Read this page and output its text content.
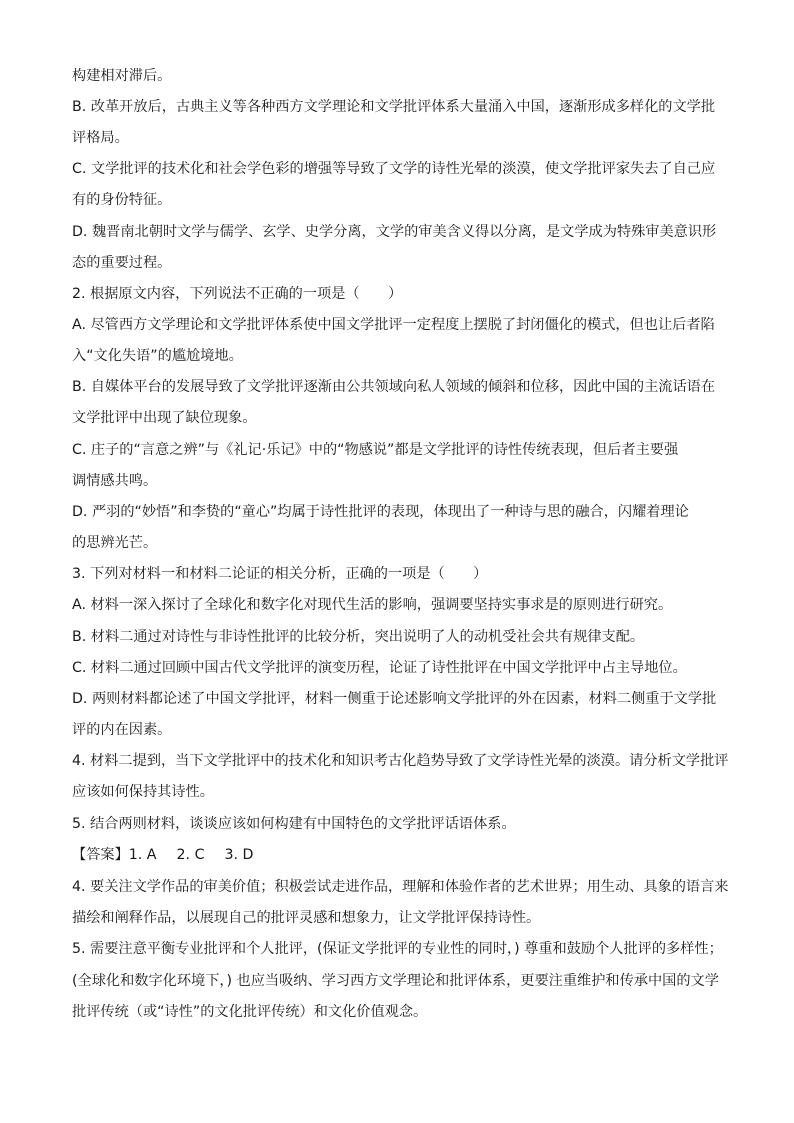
构建相对滞后。
B. 改革开放后，古典主义等各种西方文学理论和文学批评体系大量涌入中国，逐渐形成多样化的文学批
评格局。
C. 文学批评的技术化和社会学色彩的增强等导致了文学的诗性光晕的淡漠，使文学批评家失去了自己应
有的身份特征。
D. 魏晋南北朝时文学与儒学、玄学、史学分离，文学的审美含义得以分离，是文学成为特殊审美意识形
态的重要过程。
2. 根据原文内容，下列说法不正确的一项是（　　）
A. 尽管西方文学理论和文学批评体系使中国文学批评一定程度上摆脱了封闭僵化的模式，但也让后者陷
入“文化失语”的尴尬境地。
B. 自媒体平台的发展导致了文学批评逐渐由公共领域向私人领域的倾斜和位移，因此中国的主流话语在
文学批评中出现了缺位现象。
C. 庄子的“言意之辨”与《礼记·乐记》中的“物感说”都是文学批评的诗性传统表现，但后者主要强
调情感共鸣。
D. 严羽的“妙悟”和李贽的“童心”均属于诗性批评的表现，体现出了一种诗与思的融合，闪耀着理论
的思辨光芒。
3. 下列对材料一和材料二论证的相关分析，正确的一项是（　　）
A. 材料一深入探讨了全球化和数字化对现代生活的影响，强调要坚持实事求是的原则进行研究。
B. 材料二通过对诗性与非诗性批评的比较分析，突出说明了人的动机受社会共有规律支配。
C. 材料二通过回顾中国古代文学批评的演变历程，论证了诗性批评在中国文学批评中占主导地位。
D. 两则材料都论述了中国文学批评，材料一侧重于论述影响文学批评的外在因素，材料二侧重于文学批
评的内在因素。
4. 材料二提到，当下文学批评中的技术化和知识考古化趋势导致了文学诗性光晕的淡漠。请分析文学批评
应该如何保持其诗性。
5. 结合两则材料，谈谈应该如何构建有中国特色的文学批评话语体系。
【答案】1. A 2. C 3. D
4. 要关注文学作品的审美价值；积极尝试走进作品，理解和体验作者的艺术世界；用生动、具象的语言来
描绘和阐释作品，以展现自己的批评灵感和想象力，让文学批评保持诗性。
5. 需要注意平衡专业批评和个人批评，(保证文学批评的专业性的同时，) 尊重和鼓励个人批评的多样性；
(全球化和数字化环境下，) 也应当吸纳、学习西方文学理论和批评体系，更要注重维护和传承中国的文学
批评传统（或“诗性”的文化批评传统）和文化价值观念。
